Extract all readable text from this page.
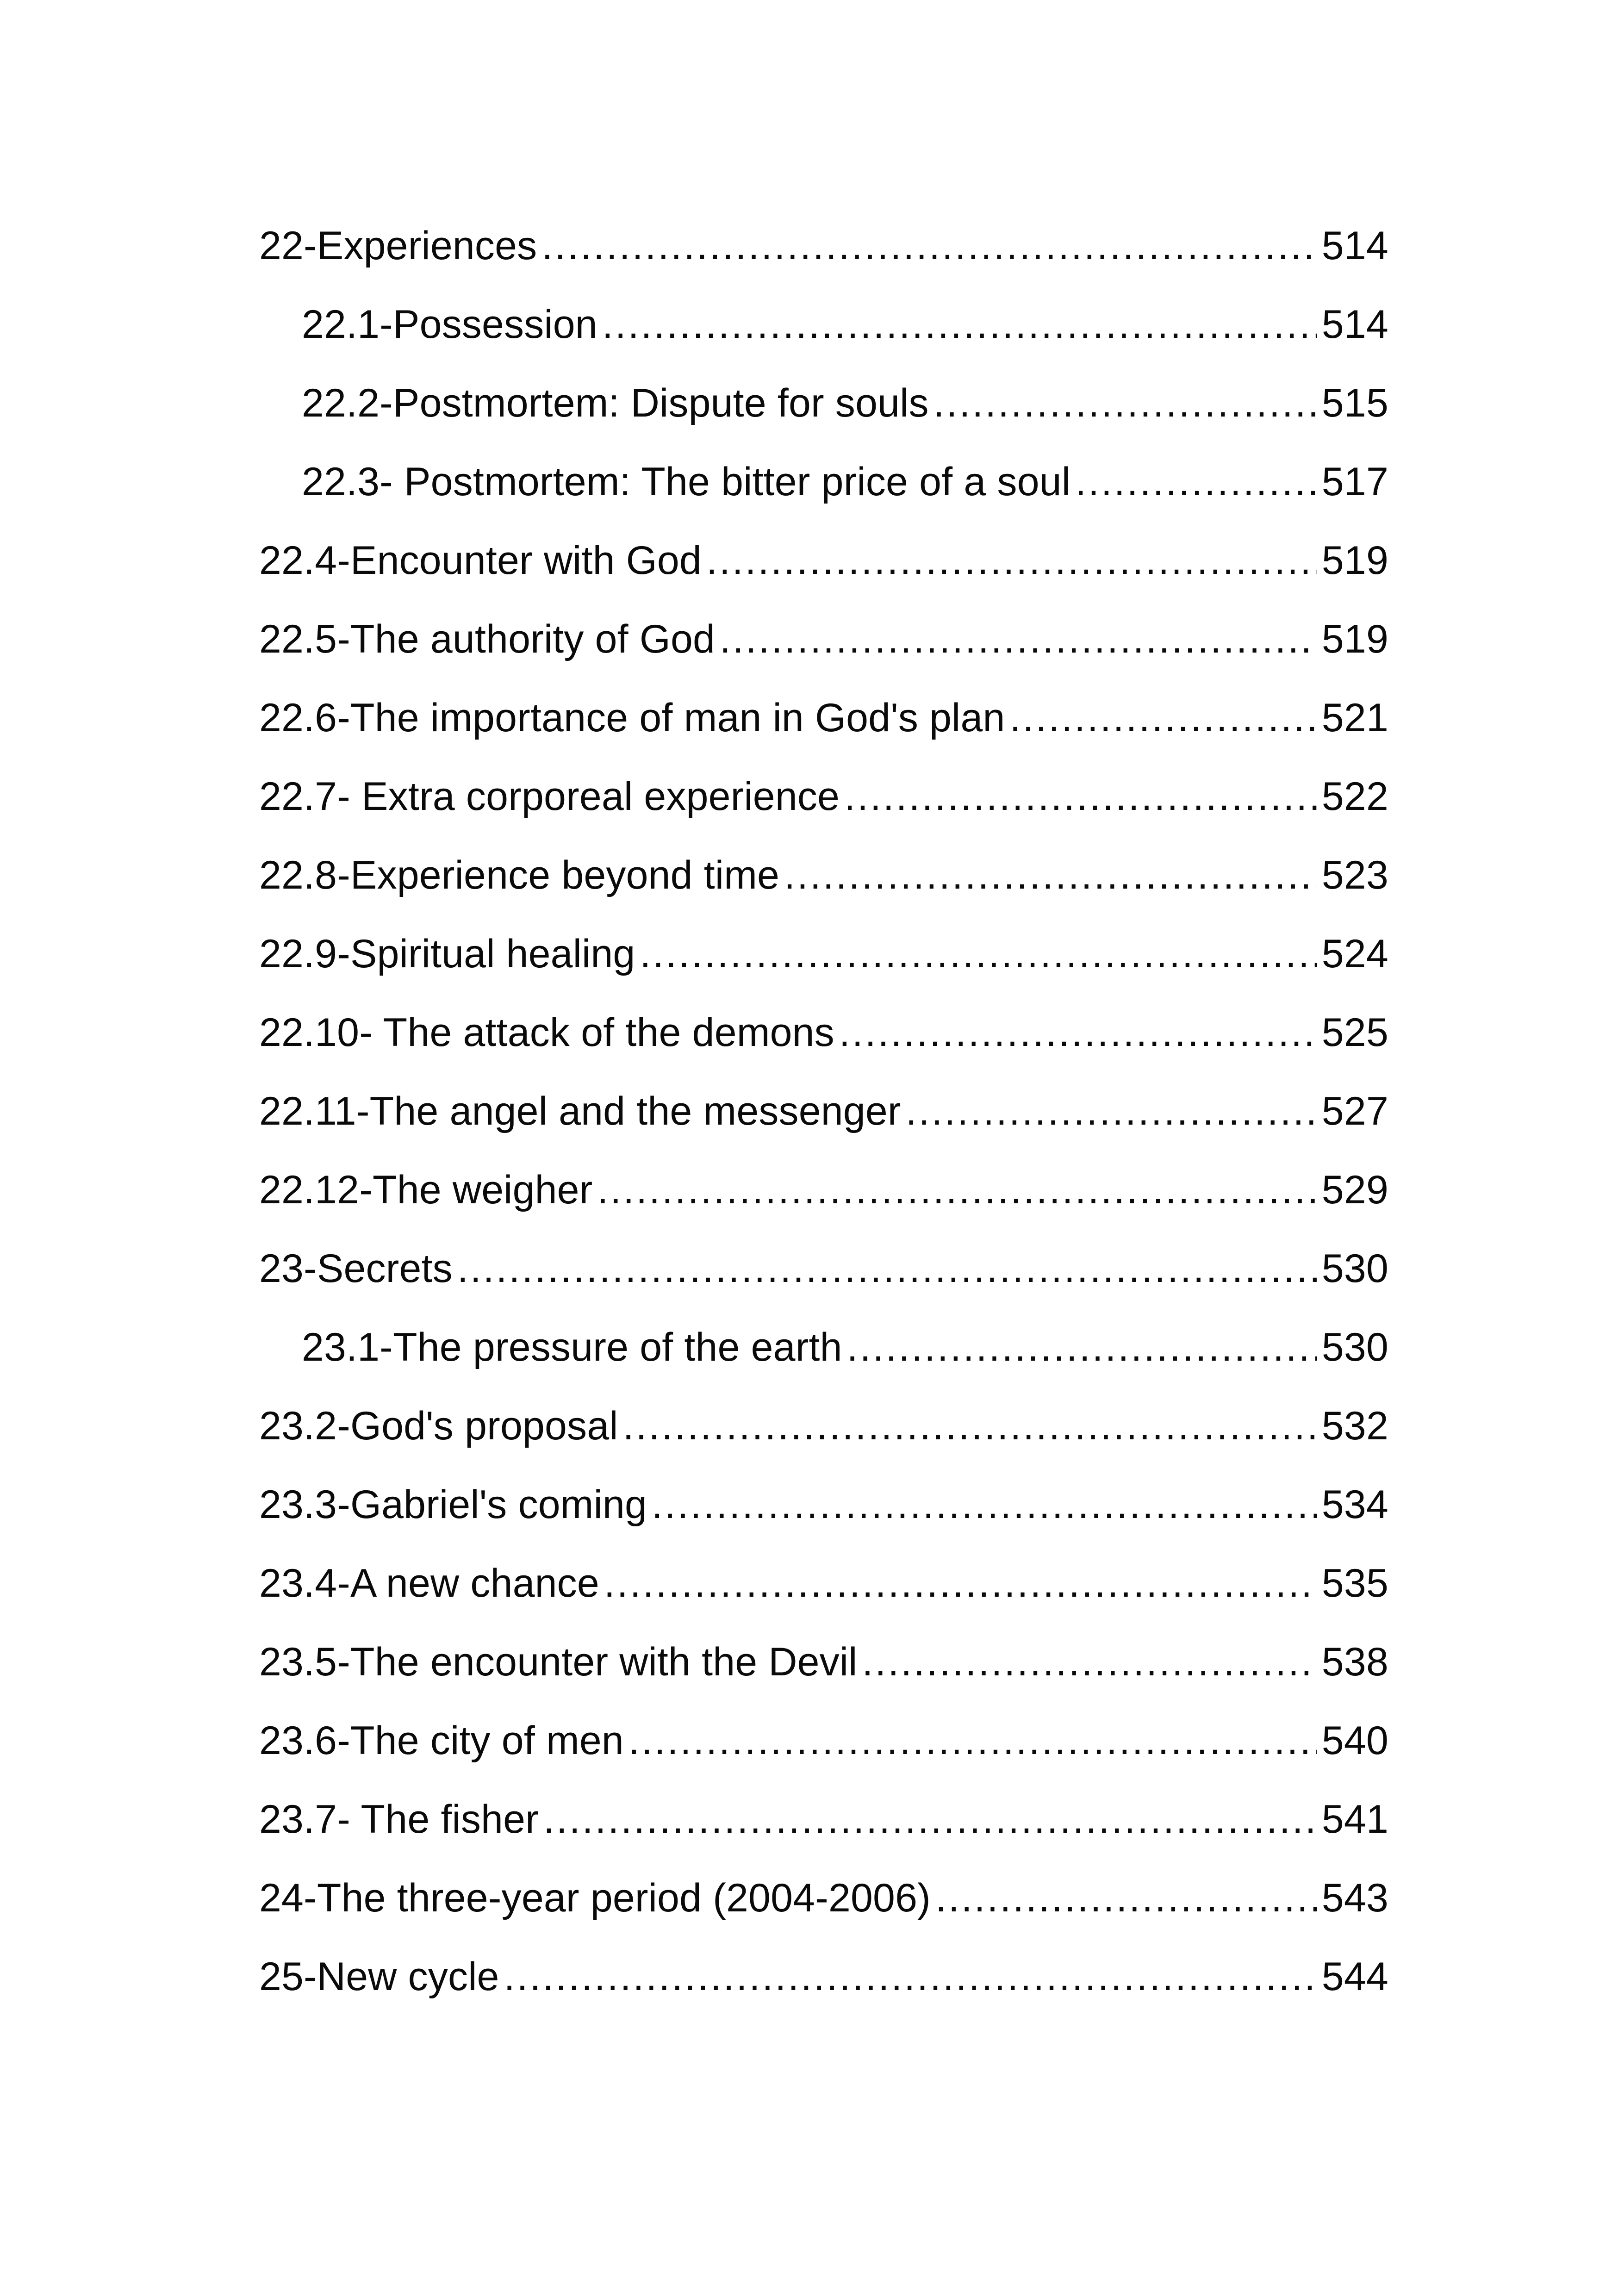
22-Experiences .....	514
22.1-Possession .....	514
22.2-Postmortem: Dispute for souls .....	515
22.3- Postmortem: The bitter price of a soul .....	517
22.4-Encounter with God .....	519
22.5-The authority of God .....	519
22.6-The importance of man in God's plan .....	521
22.7- Extra corporeal experience .....	522
22.8-Experience beyond time .....	523
22.9-Spiritual healing .....	524
22.10- The attack of the demons .....	525
22.11-The angel and the messenger .....	527
22.12-The weigher .....	529
23-Secrets .....	530
23.1-The pressure of the earth .....	530
23.2-God's proposal .....	532
23.3-Gabriel's coming .....	534
23.4-A new chance .....	535
23.5-The encounter with the Devil .....	538
23.6-The city of men .....	540
23.7- The fisher .....	541
24-The three-year period (2004-2006) .....	543
25-New cycle .....	544
